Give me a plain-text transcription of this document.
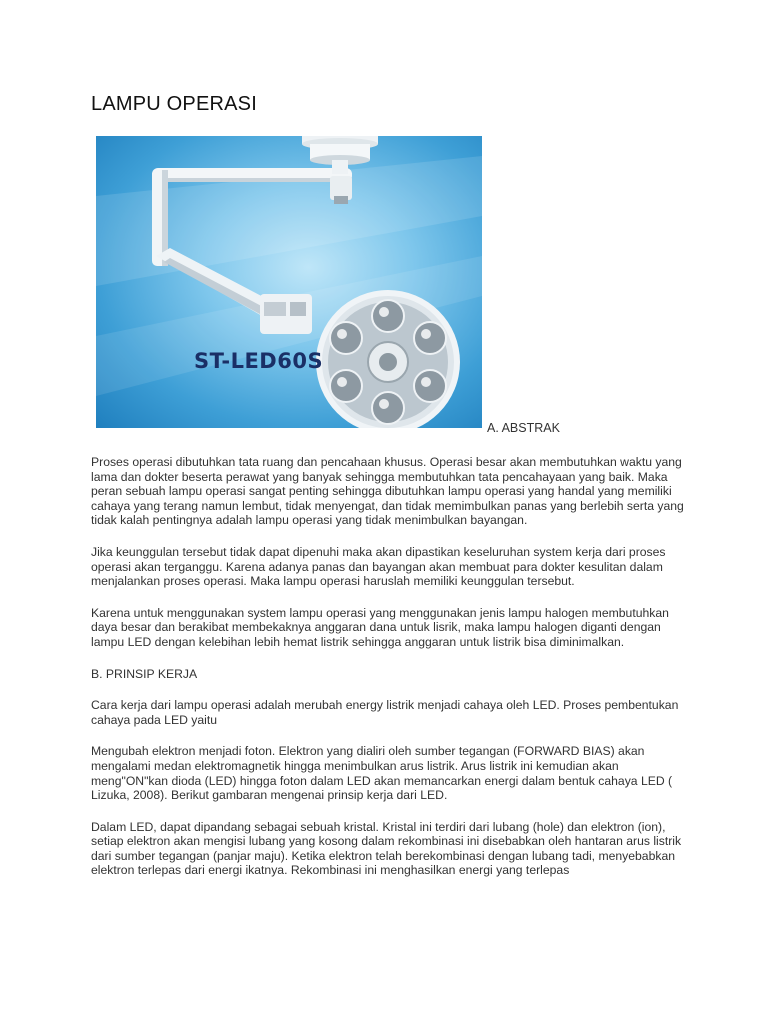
LAMPU OPERASI
ST-LED60S
A. ABSTRAK

Proses operasi dibutuhkan tata ruang dan pencahaan khusus. Operasi besar akan membutuhkan waktu yang lama dan dokter beserta perawat yang banyak sehingga membutuhkan tata pencahayaan yang baik. Maka peran sebuah lampu operasi sangat penting sehingga dibutuhkan lampu operasi yang handal yang memiliki cahaya yang terang namun lembut, tidak menyengat, dan tidak memimbulkan panas yang berlebih serta yang tidak kalah pentingnya adalah lampu operasi yang tidak menimbulkan bayangan.

Jika keunggulan tersebut tidak dapat dipenuhi maka akan dipastikan keseluruhan system kerja dari proses operasi akan terganggu. Karena adanya panas dan bayangan akan membuat para dokter kesulitan dalam menjalankan proses operasi. Maka lampu operasi haruslah memiliki keunggulan tersebut.

Karena untuk menggunakan system lampu operasi yang menggunakan jenis lampu halogen membutuhkan daya besar dan berakibat membekaknya anggaran dana untuk lisrik, maka lampu halogen diganti dengan lampu LED dengan kelebihan lebih hemat listrik sehingga anggaran untuk listrik bisa diminimalkan.

B. PRINSIP KERJA

Cara kerja dari lampu operasi adalah merubah energy listrik menjadi cahaya oleh LED. Proses pembentukan cahaya pada LED yaitu

Mengubah elektron menjadi foton. Elektron yang dialiri oleh sumber tegangan (FORWARD BIAS) akan mengalami medan elektromagnetik hingga menimbulkan arus listrik. Arus listrik ini kemudian akan meng"ON"kan dioda (LED) hingga foton dalam LED akan memancarkan energi dalam bentuk cahaya LED ( Lizuka, 2008). Berikut gambaran mengenai prinsip kerja dari LED.

Dalam LED, dapat dipandang sebagai sebuah kristal. Kristal ini terdiri dari lubang (hole) dan elektron (ion), setiap elektron akan mengisi lubang yang kosong dalam rekombinasi ini disebabkan oleh hantaran arus listrik dari sumber tegangan (panjar maju). Ketika elektron telah berekombinasi dengan lubang tadi, menyebabkan elektron terlepas dari energi ikatnya. Rekombinasi ini menghasilkan energi yang terlepas
